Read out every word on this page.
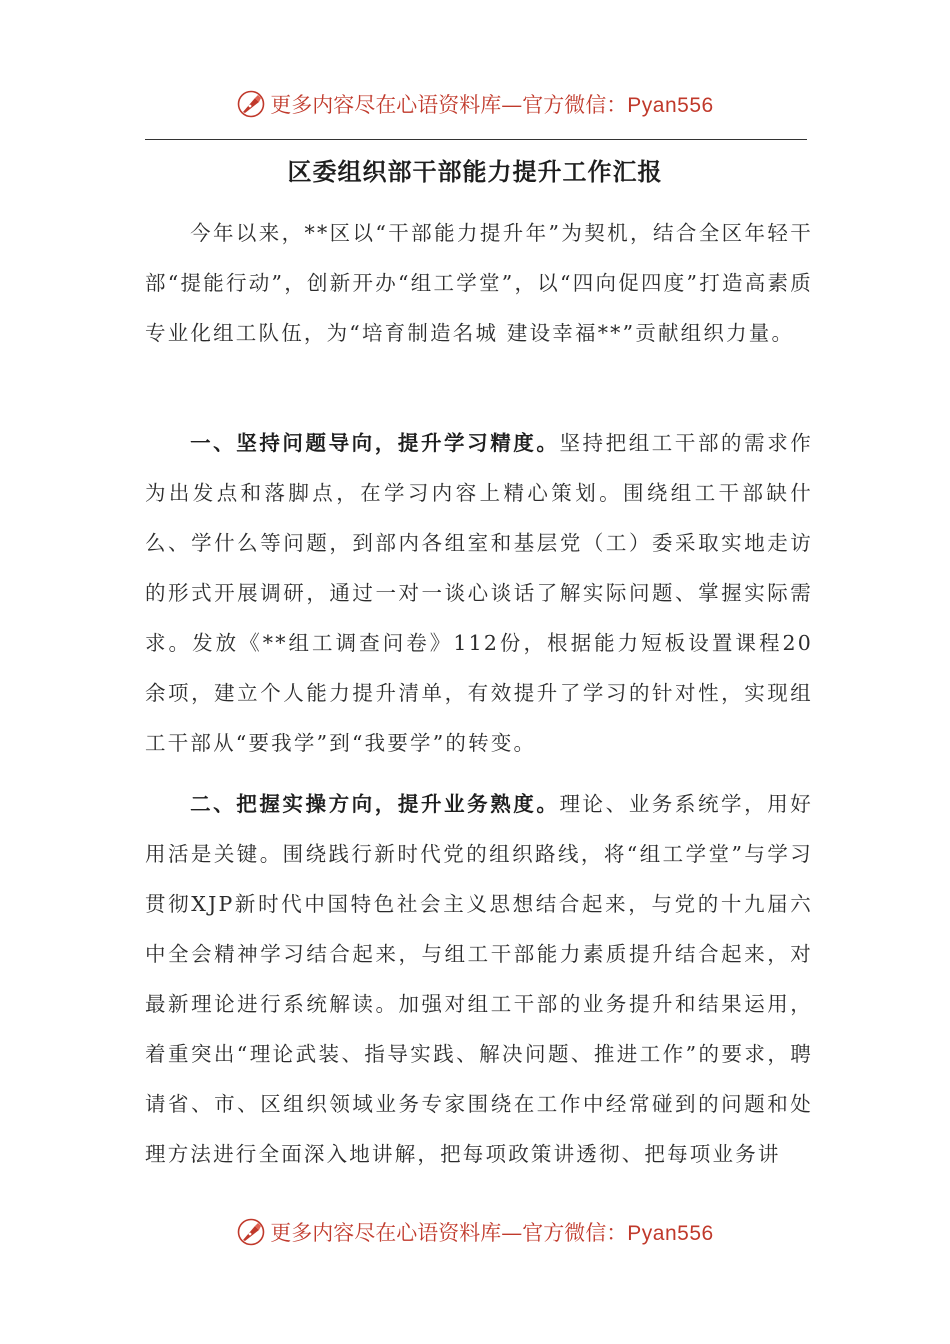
更多内容尽在心语资料库—官方微信：Pyan556
区委组织部干部能力提升工作汇报

今年以来，**区以“干部能力提升年”为契机，结合全区年轻干部“提能行动”，创新开办“组工学堂”，以“四向促四度”打造高素质专业化组工队伍，为“培育制造名城 建设幸福**”贡献组织力量。

一、坚持问题导向，提升学习精度。坚持把组工干部的需求作为出发点和落脚点，在学习内容上精心策划。围绕组工干部缺什么、学什么等问题，到部内各组室和基层党（工）委采取实地走访的形式开展调研，通过一对一谈心谈话了解实际问题、掌握实际需求。发放《**组工调查问卷》112份，根据能力短板设置课程20余项，建立个人能力提升清单，有效提升了学习的针对性，实现组工干部从“要我学”到“我要学”的转变。

二、把握实操方向，提升业务熟度。理论、业务系统学，用好用活是关键。围绕践行新时代党的组织路线，将“组工学堂”与学习贯彻XJP新时代中国特色社会主义思想结合起来，与党的十九届六中全会精神学习结合起来，与组工干部能力素质提升结合起来，对最新理论进行系统解读。加强对组工干部的业务提升和结果运用，着重突出“理论武装、指导实践、解决问题、推进工作”的要求，聘请省、市、区组织领域业务专家围绕在工作中经常碰到的问题和处理方法进行全面深入地讲解，把每项政策讲透彻、把每项业务讲

更多内容尽在心语资料库—官方微信：Pyan556
